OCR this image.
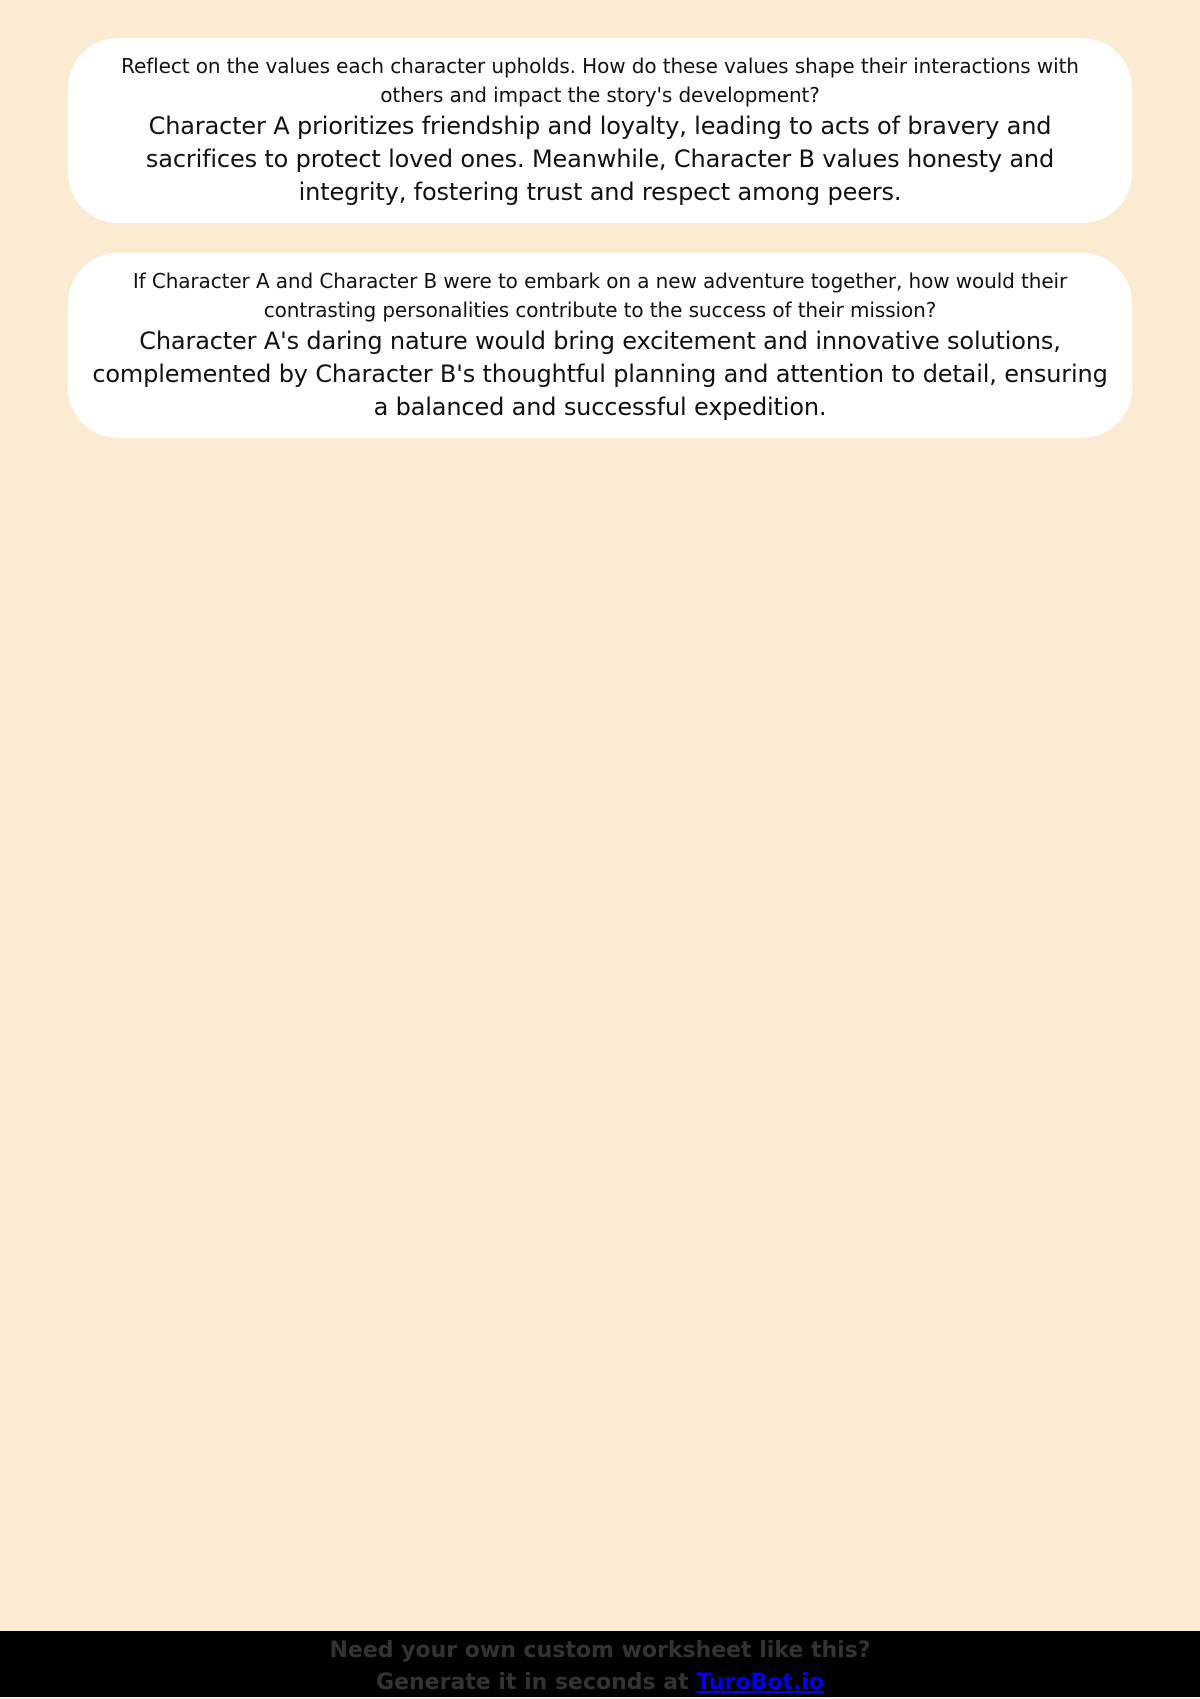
Reflect on the values each character upholds. How do these values shape their interactions with others and impact the story's development?
Character A prioritizes friendship and loyalty, leading to acts of bravery and sacrifices to protect loved ones. Meanwhile, Character B values honesty and integrity, fostering trust and respect among peers.
If Character A and Character B were to embark on a new adventure together, how would their contrasting personalities contribute to the success of their mission?
Character A's daring nature would bring excitement and innovative solutions, complemented by Character B's thoughtful planning and attention to detail, ensuring a balanced and successful expedition.
Need your own custom worksheet like this?
Generate it in seconds at TuroBot.io
